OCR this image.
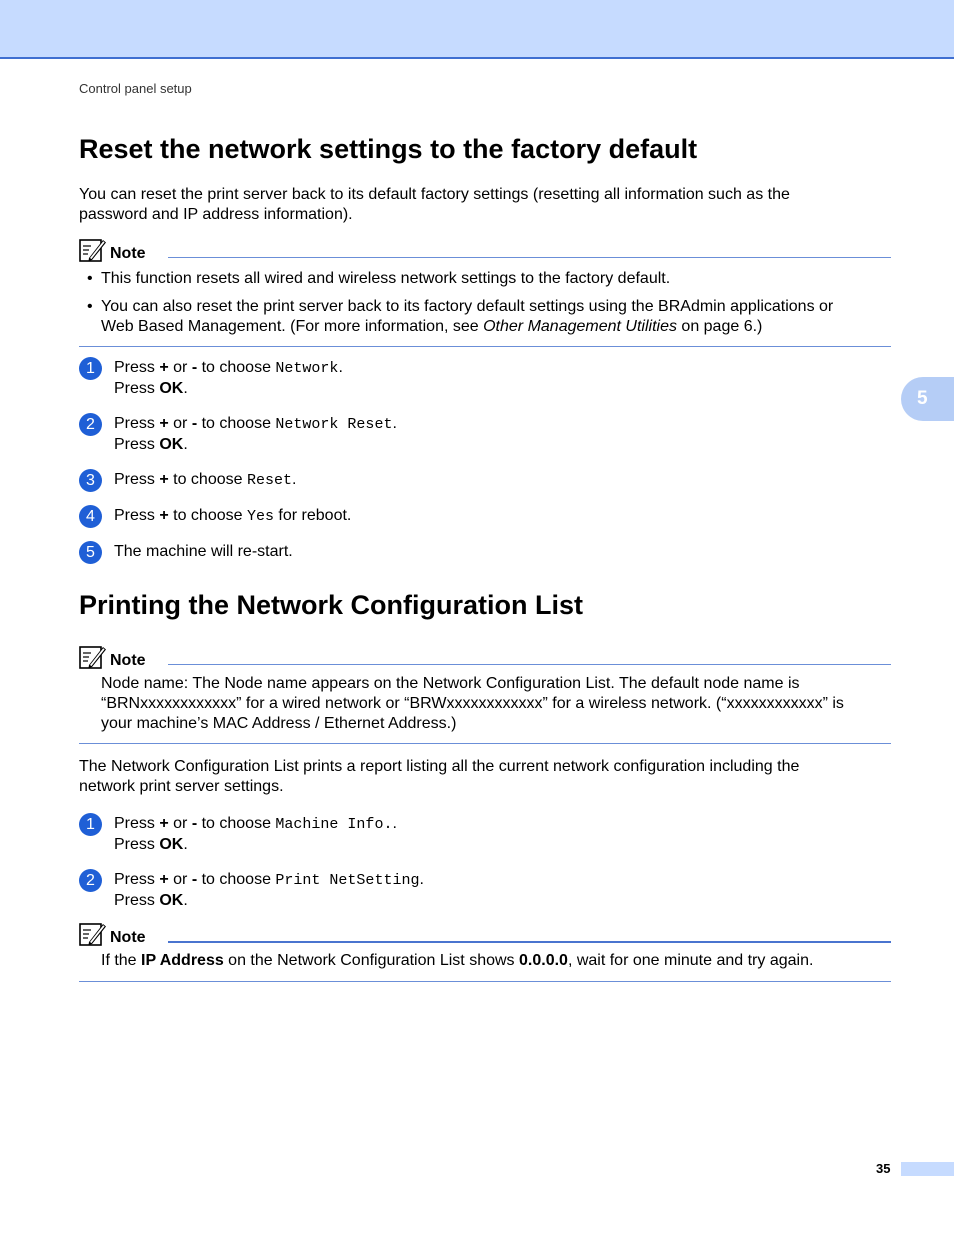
Control panel setup
5
Reset the network settings to the factory default
You can reset the print server back to its default factory settings (resetting all information such as the
password and IP address information).
Note
• This function resets all wired and wireless network settings to the factory default.
• You can also reset the print server back to its factory default settings using the BRAdmin applications or
Web Based Management. (For more information, see Other Management Utilities on page 6.)
1	Press + or - to choose Network.
Press OK.
2	Press + or - to choose Network Reset.
Press OK.
3	Press + to choose Reset.
4	Press + to choose Yes for reboot.
5	The machine will re-start.
Printing the Network Configuration List
Note
Node name: The Node name appears on the Network Configuration List. The default node name is
“BRNxxxxxxxxxxxx” for a wired network or “BRWxxxxxxxxxxxx” for a wireless network. (“xxxxxxxxxxxx” is
your machine’s MAC Address / Ethernet Address.)
The Network Configuration List prints a report listing all the current network configuration including the
network print server settings.
1	Press + or - to choose Machine Info..
Press OK.
2	Press + or - to choose Print NetSetting.
Press OK.
Note
If the IP Address on the Network Configuration List shows 0.0.0.0, wait for one minute and try again.
35
